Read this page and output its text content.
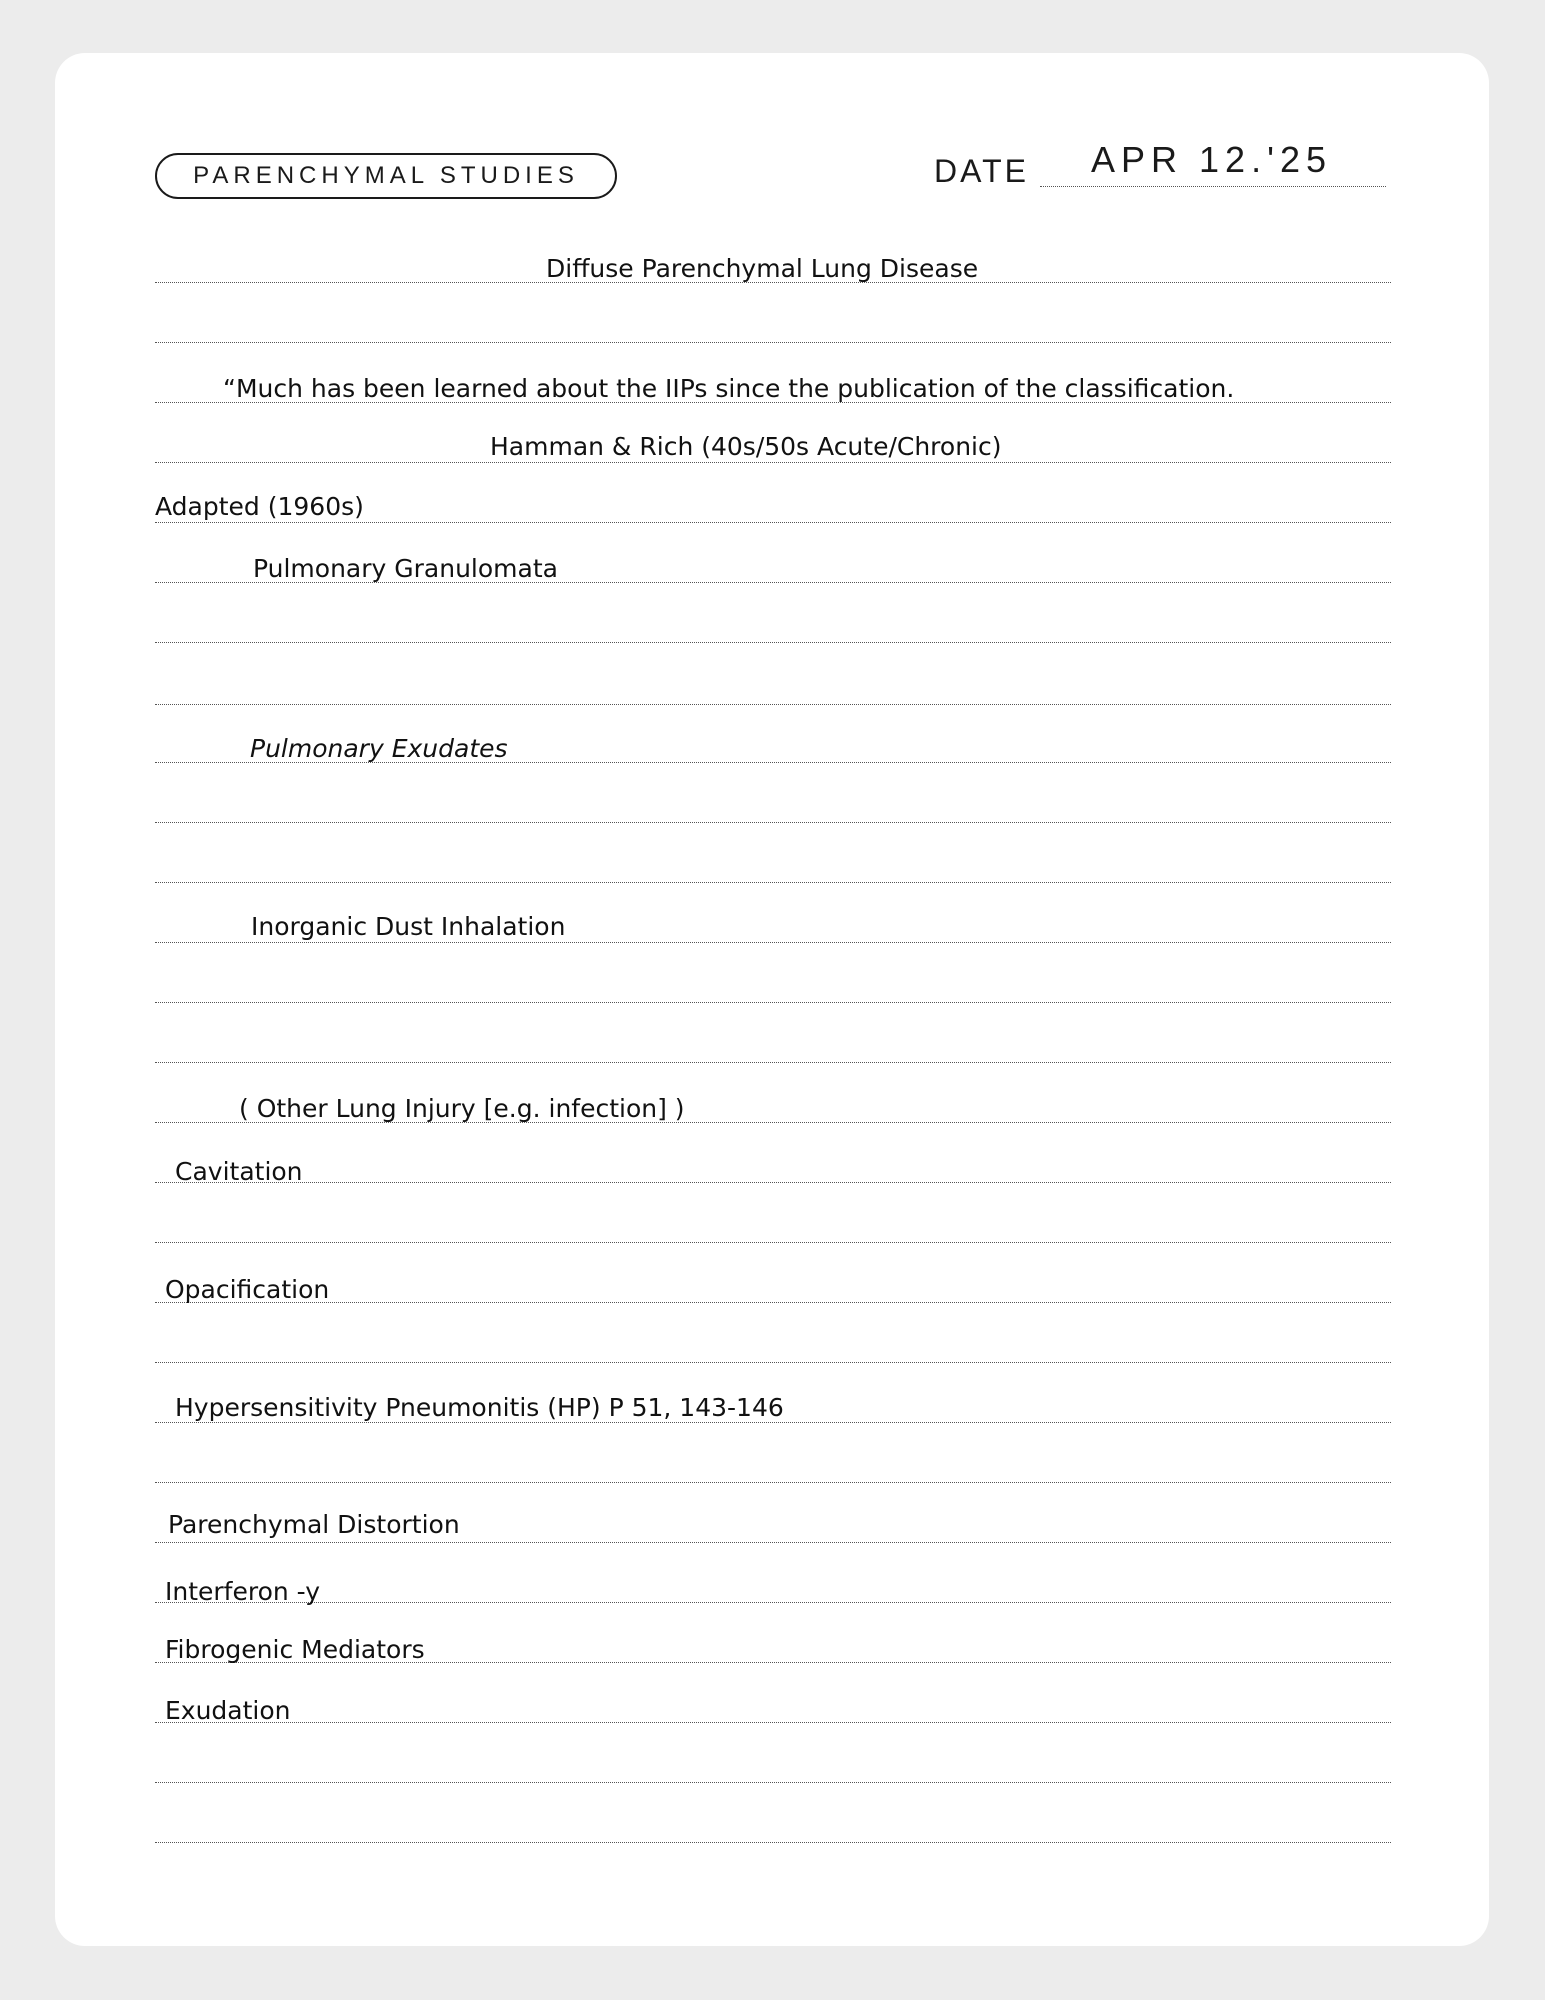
PARENCHYMAL STUDIES	DATE APR 12.'25
Diffuse Parenchymal Lung Disease
“Much has been learned about the IIPs since the publication of the classification.
Hamman & Rich (40s/50s Acute/Chronic)
Adapted (1960s)
Pulmonary Granulomata
Pulmonary Exudates
Inorganic Dust Inhalation
( Other Lung Injury [e.g. infection] )
Cavitation
Opacification
Hypersensitivity Pneumonitis (HP) P 51, 143-146
Parenchymal Distortion
Interferon -y
Fibrogenic Mediators
Exudation
